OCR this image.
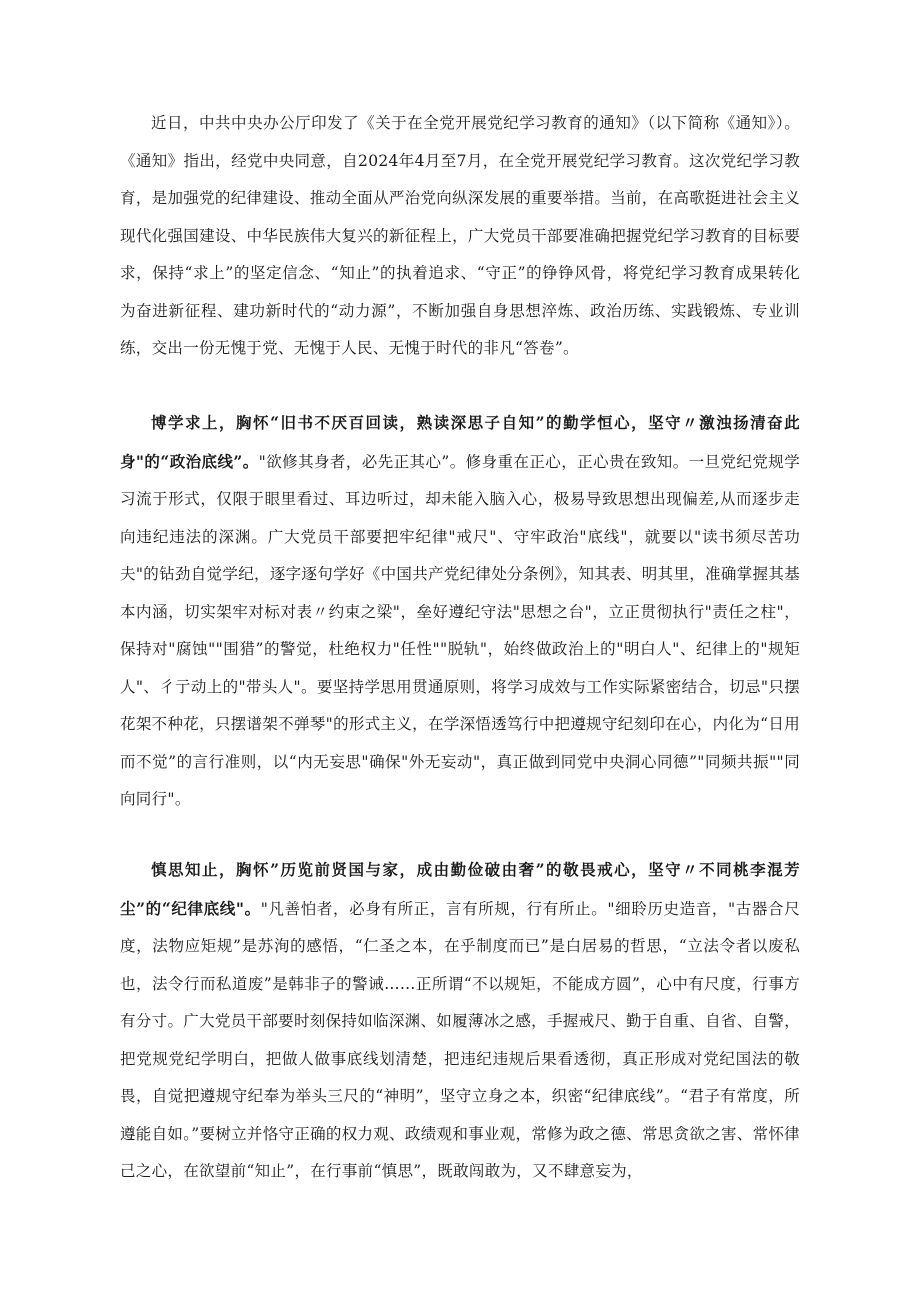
近日，中共中央办公厅印发了《关于在全党开展党纪学习教育的通知》（以下简称《通知》）。《通知》指出，经党中央同意，自2024年4月至7月，在全党开展党纪学习教育。这次党纪学习教育，是加强党的纪律建设、推动全面从严治党向纵深发展的重要举措。当前，在高歌挺进社会主义现代化强国建设、中华民族伟大复兴的新征程上，广大党员干部要准确把握党纪学习教育的目标要求，保持“求上”的坚定信念、“知止”的执着追求、“守正”的铮铮风骨，将党纪学习教育成果转化为奋进新征程、建功新时代的“动力源”，不断加强自身思想淬炼、政治历练、实践锻炼、专业训练，交出一份无愧于党、无愧于人民、无愧于时代的非凡“答卷”。

博学求上，胸怀“旧书不厌百回读，熟读深思子自知”的勤学恒心，坚守〃激浊扬清奋此身"的“政治底线”。"欲修其身者，必先正其心”。修身重在正心，正心贵在致知。一旦党纪党规学习流于形式，仅限于眼里看过、耳边听过，却未能入脑入心，极易导致思想出现偏差,从而逐步走向违纪违法的深渊。广大党员干部要把牢纪律"戒尺"、守牢政治"底线"，就要以"读书须尽苦功夫"的钻劲自觉学纪，逐字逐句学好《中国共产党纪律处分条例》，知其表、明其里，准确掌握其基本内涵，切实架牢对标对表〃约束之梁"，垒好遵纪守法"思想之台"，立正贯彻执行"责任之柱"，保持对"腐蚀""围猎”的警觉，杜绝权力"任性""脱轨"，始终做政治上的"明白人"、纪律上的"规矩人"、彳亍动上的"带头人"。要坚持学思用贯通原则，将学习成效与工作实际紧密结合，切忌"只摆花架不种花，只摆谱架不弹琴"的形式主义，在学深悟透笃行中把遵规守纪刻印在心，内化为“日用而不觉”的言行准则，以“内无妄思"确保"外无妄动"，真正做到同党中央洞心同德”"同频共振""同向同行"。

慎思知止，胸怀”历览前贤国与家，成由勤俭破由奢”的敬畏戒心，坚守〃不同桃李混芳尘”的“纪律底线"。"凡善怕者，必身有所正，言有所规，行有所止。"细聆历史造音，"古器合尺度，法物应矩规”是苏洵的感悟，“仁圣之本，在乎制度而已”是白居易的哲思，“立法令者以废私也，法令行而私道废”是韩非子的警诫……正所谓“不以规矩，不能成方圆”，心中有尺度，行事方有分寸。广大党员干部要时刻保持如临深渊、如履薄冰之感，手握戒尺、勤于自重、自省、自警，把党规党纪学明白，把做人做事底线划清楚，把违纪违规后果看透彻，真正形成对党纪国法的敬畏，自觉把遵规守纪奉为举头三尺的“神明”，坚守立身之本，织密“纪律底线”。“君子有常度，所遵能自如。”要树立并恪守正确的权力观、政绩观和事业观，常修为政之德、常思贪欲之害、常怀律己之心，在欲望前“知止”，在行事前“慎思”，既敢闯敢为，又不肆意妄为，
